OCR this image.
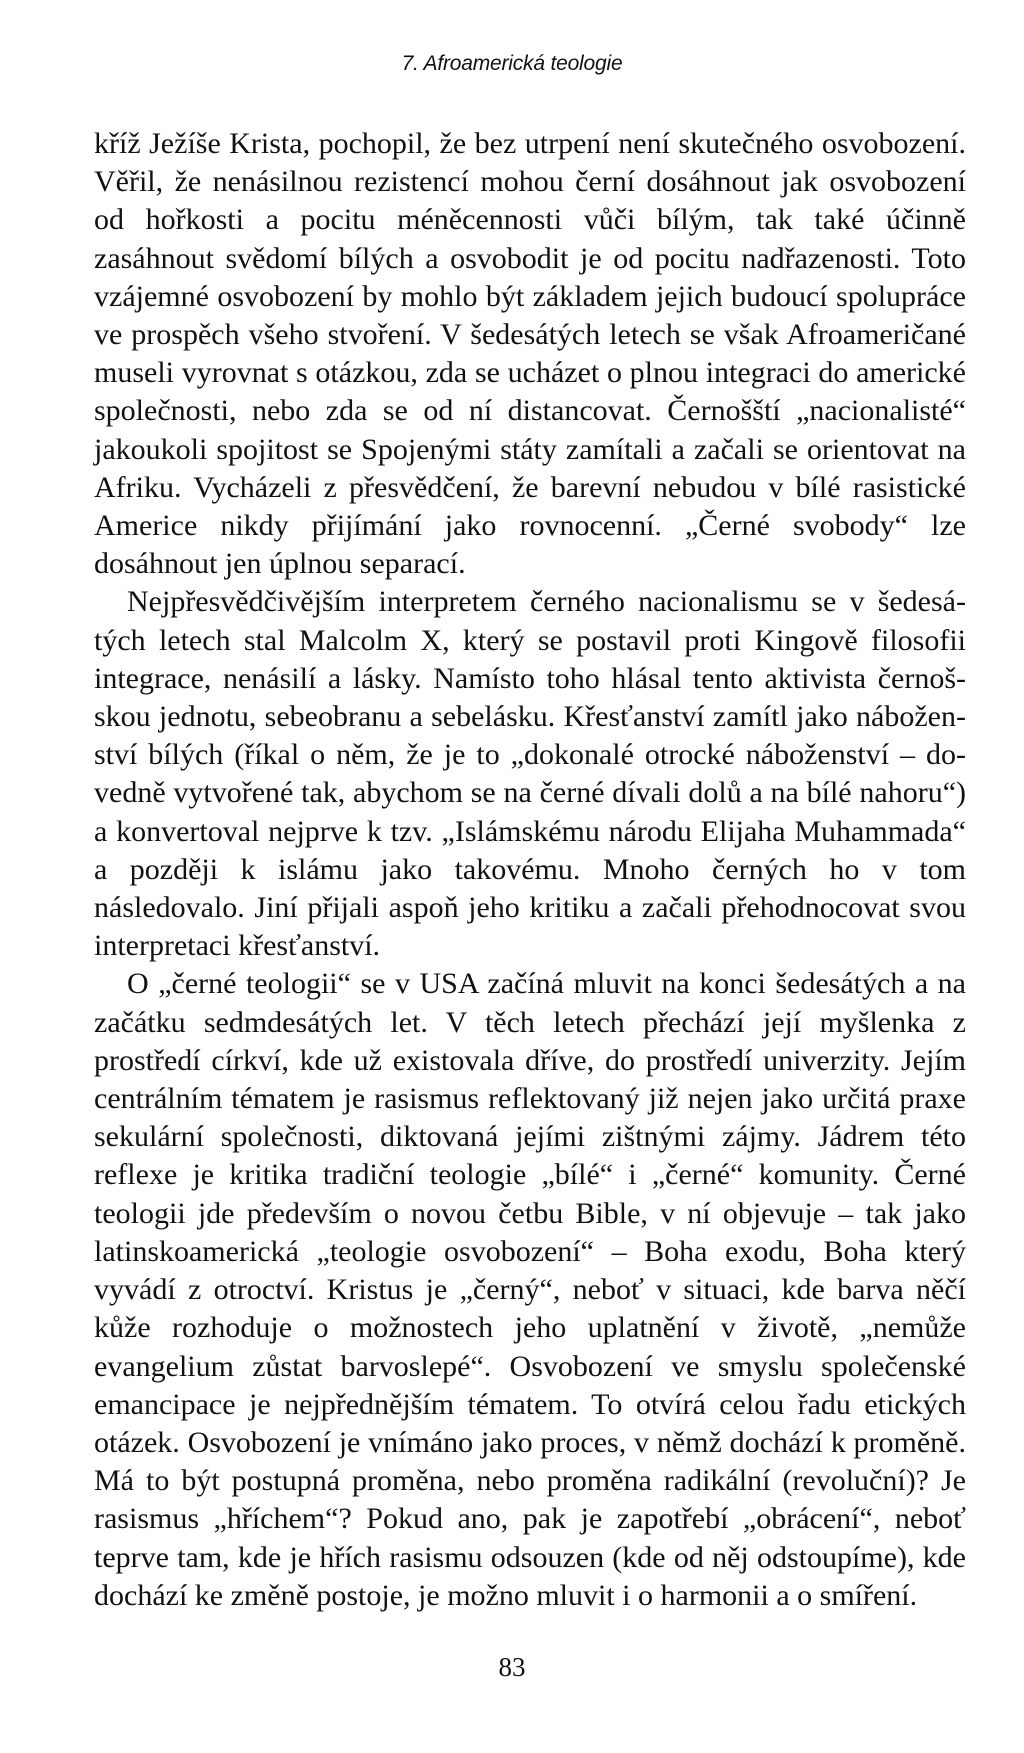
7. Afroamerická teologie

kříž Ježíše Krista, pochopil, že bez utrpení není skutečného osvobození. Věřil, že nenásilnou rezistencí mohou černí dosáhnout jak osvobození od hořkosti a pocitu méněcennosti vůči bílým, tak také účinně zasáhnout svědomí bílých a osvobodit je od pocitu nadřazenosti. Toto vzájemné osvobození by mohlo být základem jejich budoucí spolupráce ve prospěch všeho stvoření. V šedesátých letech se však Afroameričané museli vyrovnat s otázkou, zda se ucházet o plnou integraci do americké společnosti, nebo zda se od ní distancovat. Černošští „nacionalisté“ jakoukoli spojitost se Spojenými státy zamítali a začali se orientovat na Afriku. Vycházeli z přesvědčení, že barevní nebudou v bílé rasistické Americe nikdy přijímání jako rovnocenní. „Černé svobody“ lze dosáhnout jen úplnou separací.

Nejpřesvědčivějším interpretem černého nacionalismu se v šedesátých letech stal Malcolm X, který se postavil proti Kingově filosofii integrace, nenásilí a lásky. Namísto toho hlásal tento aktivista černošskou jednotu, sebeobranu a sebelásku. Křesťanství zamítl jako náboženství bílých (říkal o něm, že je to „dokonalé otrocké náboženství – dovedně vytvořené tak, abychom se na černé dívali dolů a na bílé nahoru“) a konvertoval nejprve k tzv. „Islámskému národu Elijaha Muhammada“ a později k islámu jako takovému. Mnoho černých ho v tom následovalo. Jiní přijali aspoň jeho kritiku a začali přehodnocovat svou interpretaci křesťanství.

O „černé teologii“ se v USA začíná mluvit na konci šedesátých a na začátku sedmdesátých let. V těch letech přechází její myšlenka z prostředí církví, kde už existovala dříve, do prostředí univerzity. Jejím centrálním tématem je rasismus reflektovaný již nejen jako určitá praxe sekulární společnosti, diktovaná jejími zištnými zájmy. Jádrem této reflexe je kritika tradiční teologie „bílé“ i „černé“ komunity. Černé teologii jde především o novou četbu Bible, v ní objevuje – tak jako latinskoamerická „teologie osvobození“ – Boha exodu, Boha který vyvádí z otroctví. Kristus je „černý“, neboť v situaci, kde barva něčí kůže rozhoduje o možnostech jeho uplatnění v životě, „nemůže evangelium zůstat barvoslepé“. Osvobození ve smyslu společenské emancipace je nejpřednějším tématem. To otvírá celou řadu etických otázek. Osvobození je vnímáno jako proces, v němž dochází k proměně. Má to být postupná proměna, nebo proměna radikální (revoluční)? Je rasismus „hříchem“? Pokud ano, pak je zapotřebí „obrácení“, neboť teprve tam, kde je hřích rasismu odsouzen (kde od něj odstoupíme), kde dochází ke změně postoje, je možno mluvit i o harmonii a o smíření.

83
